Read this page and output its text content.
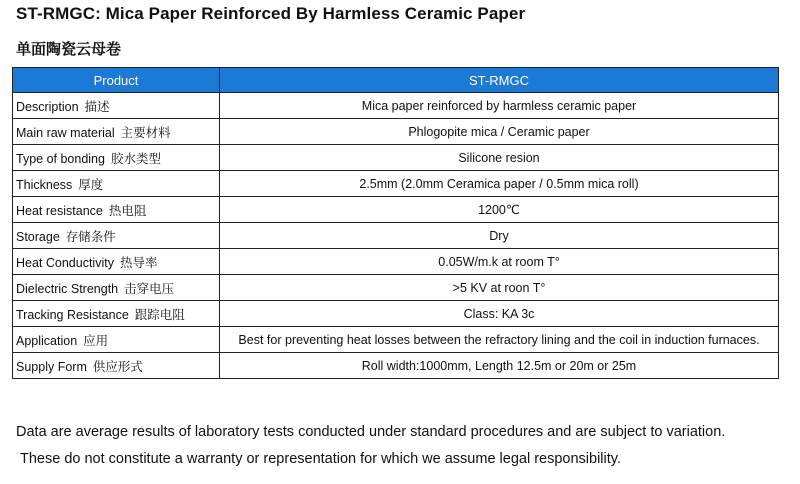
ST-RMGC: Mica Paper Reinforced By Harmless Ceramic Paper
单面陶瓷云母卷
Product	ST-RMGC
Description 描述	Mica paper reinforced by harmless ceramic paper
Main raw material 主要材料	Phlogopite mica / Ceramic paper
Type of bonding 胶水类型	Silicone resion
Thickness 厚度	2.5mm (2.0mm Ceramica paper / 0.5mm mica roll)
Heat resistance 热电阻	1200℃
Storage 存储条件	Dry
Heat Conductivity 热导率	0.05W/m.k at room T°
Dielectric Strength 击穿电压	>5 KV at roon T°
Tracking Resistance 跟踪电阻	Class: KA 3c
Application 应用	Best for preventing heat losses between the refractory lining and the coil in induction furnaces.
Supply Form 供应形式	Roll width:1000mm, Length 12.5m or 20m or 25m
Data are average results of laboratory tests conducted under standard procedures and are subject to variation.
These do not constitute a warranty or representation for which we assume legal responsibility.
